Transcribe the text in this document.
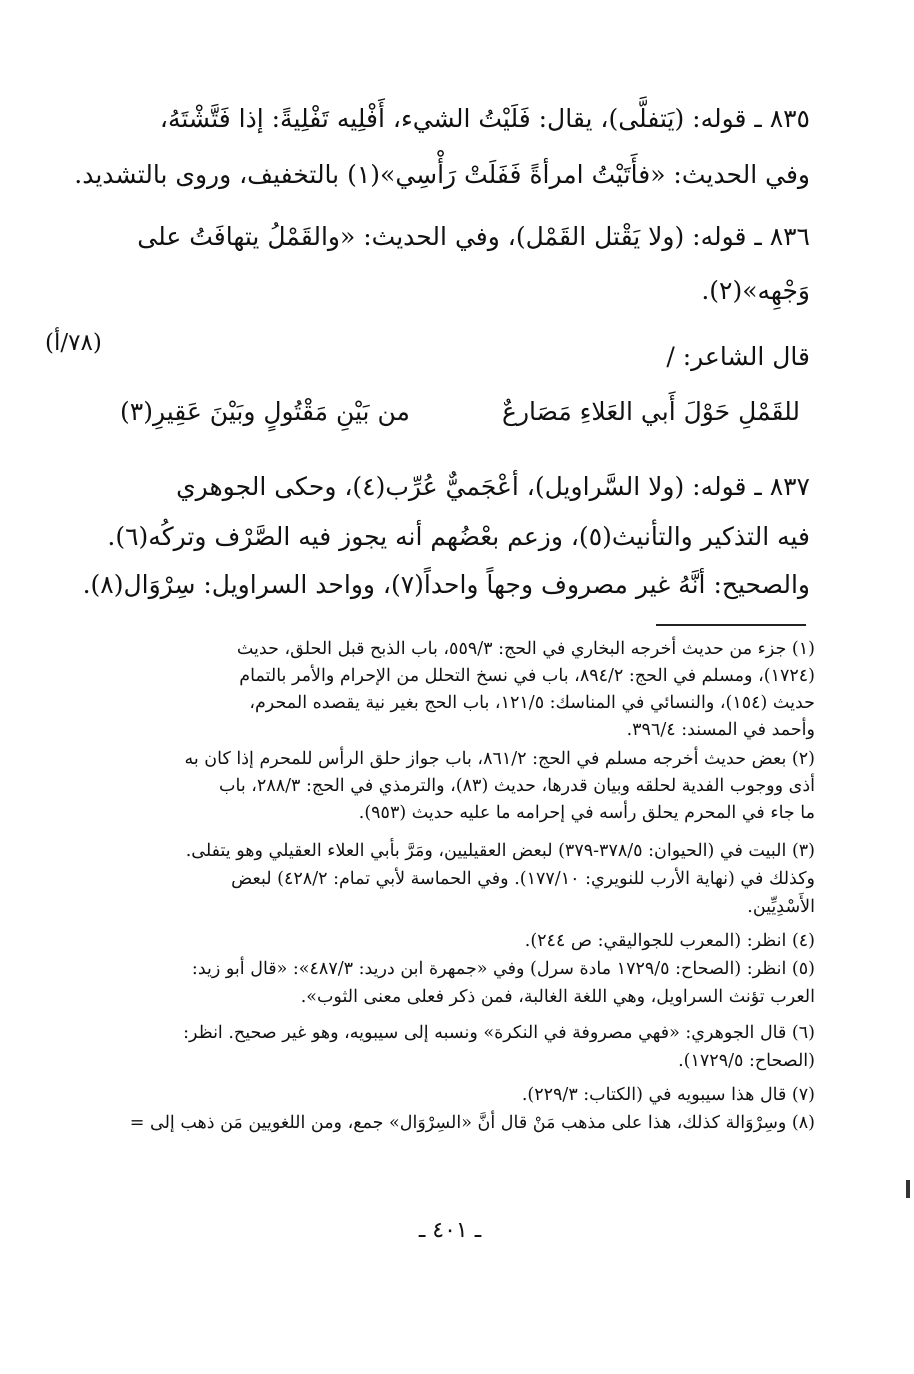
٨٣٥ ـ قوله: (يَتفلَّى)، يقال: فَلَيْتُ الشيء، أَفْلِيه تَفْلِيةً: إذا فَتَّشْتَهُ،
وفي الحديث: «فأَتَيْتُ امرأةً فَفَلَتْ رَأْسِي»(١) بالتخفيف، وروى بالتشديد.
٨٣٦ ـ قوله: (ولا يَقْتل القَمْل)، وفي الحديث: «والقَمْلُ يتهافَتُ على
وَجْهِه»(٢).
قال الشاعر: /
(٧٨/أ)
للقَمْلِ حَوْلَ أَبي العَلاءِ مَصَارعٌ
من بَيْنِ مَقْتُولٍ وبَيْنَ عَقِيرِ(٣)
٨٣٧ ـ قوله: (ولا السَّراويل)، أعْجَميٌّ عُرِّب(٤)، وحكى الجوهري
فيه التذكير والتأنيث(٥)، وزعم بعْضُهم أنه يجوز فيه الصَّرْف وتركُه(٦).
والصحيح: أنَّهُ غير مصروف وجهاً واحداً(٧)، وواحد السراويل: سِرْوَال(٨).
(١) جزء من حديث أخرجه البخاري في الحج: ٥٥٩/٣، باب الذبح قبل الحلق، حديث
(١٧٢٤)، ومسلم في الحج: ٨٩٤/٢، باب في نسخ التحلل من الإحرام والأمر بالتمام
حديث (١٥٤)، والنسائي في المناسك: ١٢١/٥، باب الحج بغير نية يقصده المحرم،
وأحمد في المسند: ٣٩٦/٤.
(٢) بعض حديث أخرجه مسلم في الحج: ٨٦١/٢، باب جواز حلق الرأس للمحرم إذا كان به
أذى ووجوب الفدية لحلقه وبيان قدرها، حديث (٨٣)، والترمذي في الحج: ٢٨٨/٣، باب
ما جاء في المحرم يحلق رأسه في إحرامه ما عليه حديث (٩٥٣).
(٣) البيت في (الحيوان: ٣٧٨/٥-٣٧٩) لبعض العقيليين، ومَرَّ بأبي العلاء العقيلي وهو يتفلى.
وكذلك في (نهاية الأرب للنويري: ١٧٧/١٠). وفي الحماسة لأبي تمام: ٤٢٨/٢) لبعض
الأَسْدِيِّين.
(٤) انظر: (المعرب للجواليقي: ص ٢٤٤).
(٥) انظر: (الصحاح: ١٧٢٩/٥ مادة سرل) وفي «جمهرة ابن دريد: ٤٨٧/٣»: «قال أبو زيد:
العرب تؤنث السراويل، وهي اللغة الغالبة، فمن ذكر فعلى معنى الثوب».
(٦) قال الجوهري: «فهي مصروفة في النكرة» ونسبه إلى سيبويه، وهو غير صحيح. انظر:
(الصحاح: ١٧٢٩/٥).
(٧) قال هذا سيبويه في (الكتاب: ٢٢٩/٣).
(٨) وسِرْوَالة كذلك، هذا على مذهب مَنْ قال أنَّ «السِرْوَال» جمع، ومن اللغويين مَن ذهب إلى =
ـ ٤٠١ ـ
